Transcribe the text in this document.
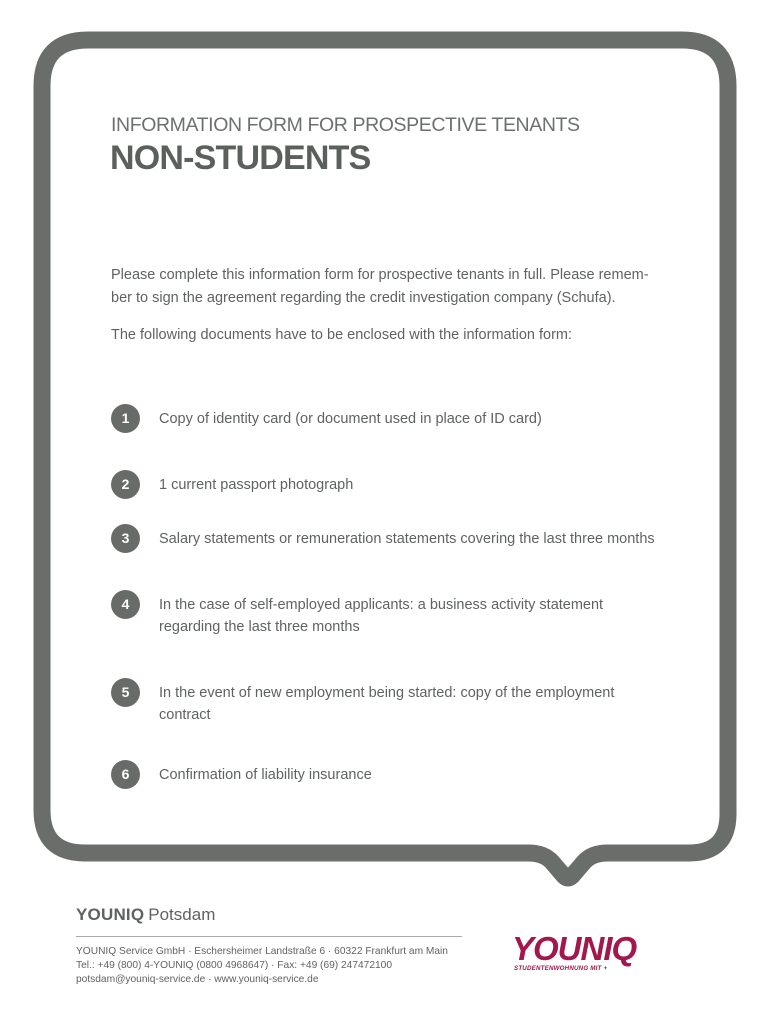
INFORMATION FORM FOR PROSPECTIVE TENANTS
NON-STUDENTS

Please complete this information form for prospective tenants in full. Please remem-
ber to sign the agreement regarding the credit investigation company (Schufa).

The following documents have to be enclosed with the information form:

1	Copy of identity card (or document used in place of ID card)
2	1 current passport photograph
3	Salary statements or remuneration statements covering the last three months
4	In the case of self-employed applicants: a business activity statement regarding the last three months
5	In the event of new employment being started: copy of the employment contract
6	Confirmation of liability insurance
YOUNIQ Potsdam
YOUNIQ Service GmbH · Eschersheimer Landstraße 6 · 60322 Frankfurt am Main
Tel.: +49 (800) 4-YOUNIQ (0800 4968647) · Fax: +49 (69) 247472100
potsdam@youniq-service.de · www.youniq-service.de
YOUNIQ
STUDENTENWOHNUNG MIT +
